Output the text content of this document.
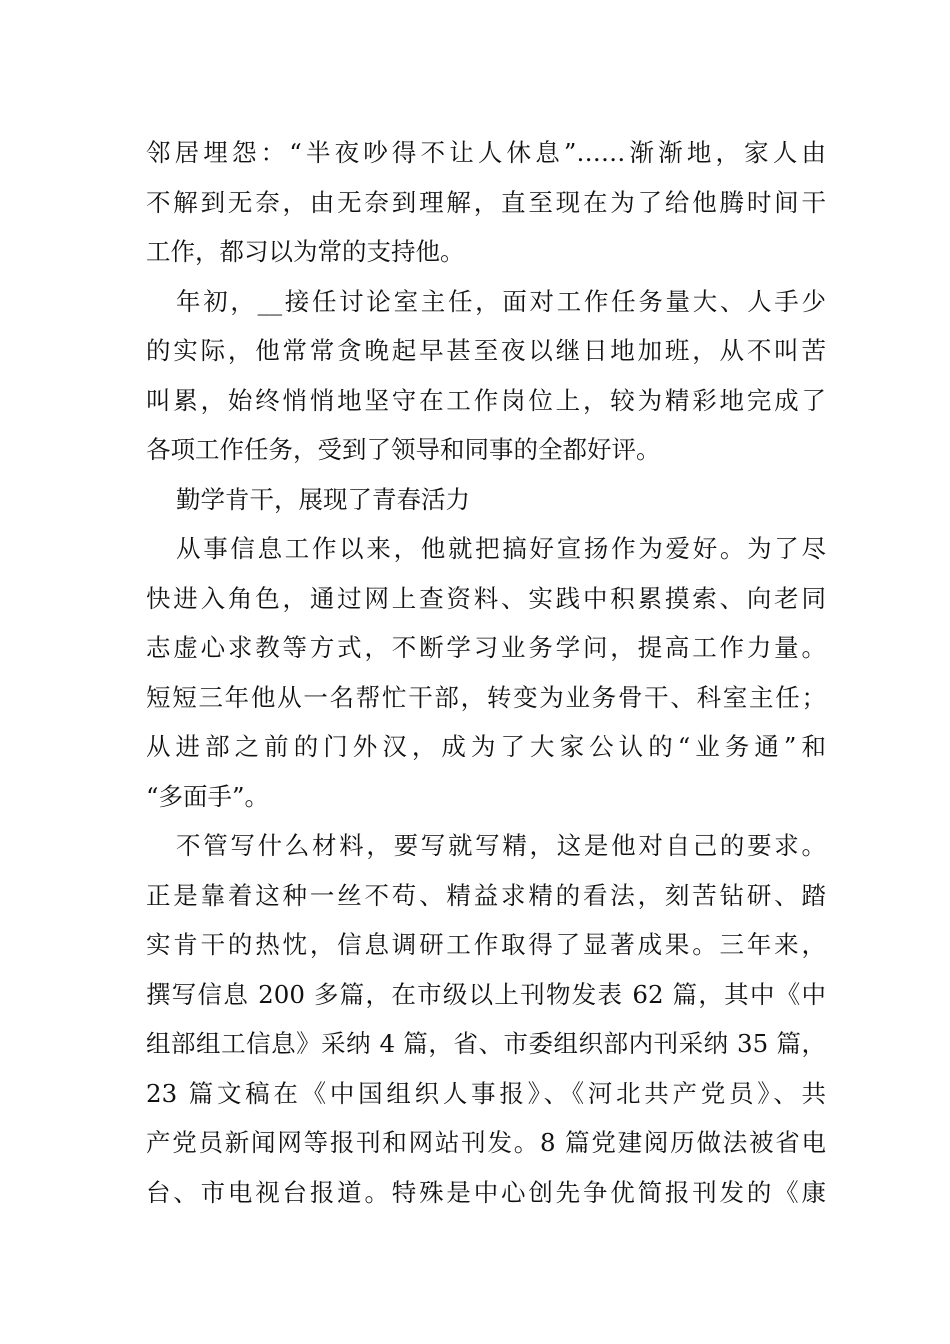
邻居埋怨：“半夜吵得不让人休息”……渐渐地，家人由
不解到无奈，由无奈到理解，直至现在为了给他腾时间干
工作，都习以为常的支持他。
年初，__接任讨论室主任，面对工作任务量大、人手少
的实际，他常常贪晚起早甚至夜以继日地加班，从不叫苦
叫累，始终悄悄地坚守在工作岗位上，较为精彩地完成了
各项工作任务，受到了领导和同事的全都好评。
勤学肯干，展现了青春活力
从事信息工作以来，他就把搞好宣扬作为爱好。为了尽
快进入角色，通过网上查资料、实践中积累摸索、向老同
志虚心求教等方式，不断学习业务学问，提高工作力量。
短短三年他从一名帮忙干部，转变为业务骨干、科室主任；
从进部之前的门外汉，成为了大家公认的“业务通”和
“多面手”。
不管写什么材料，要写就写精，这是他对自己的要求。
正是靠着这种一丝不苟、精益求精的看法，刻苦钻研、踏
实肯干的热忱，信息调研工作取得了显著成果。三年来，
撰写信息 200 多篇，在市级以上刊物发表 62 篇，其中《中
组部组工信息》采纳 4 篇，省、市委组织部内刊采纳 35 篇，
23 篇文稿在《中国组织人事报》、《河北共产党员》、共
产党员新闻网等报刊和网站刊发。8 篇党建阅历做法被省电
台、市电视台报道。特殊是中心创先争优简报刊发的《康
